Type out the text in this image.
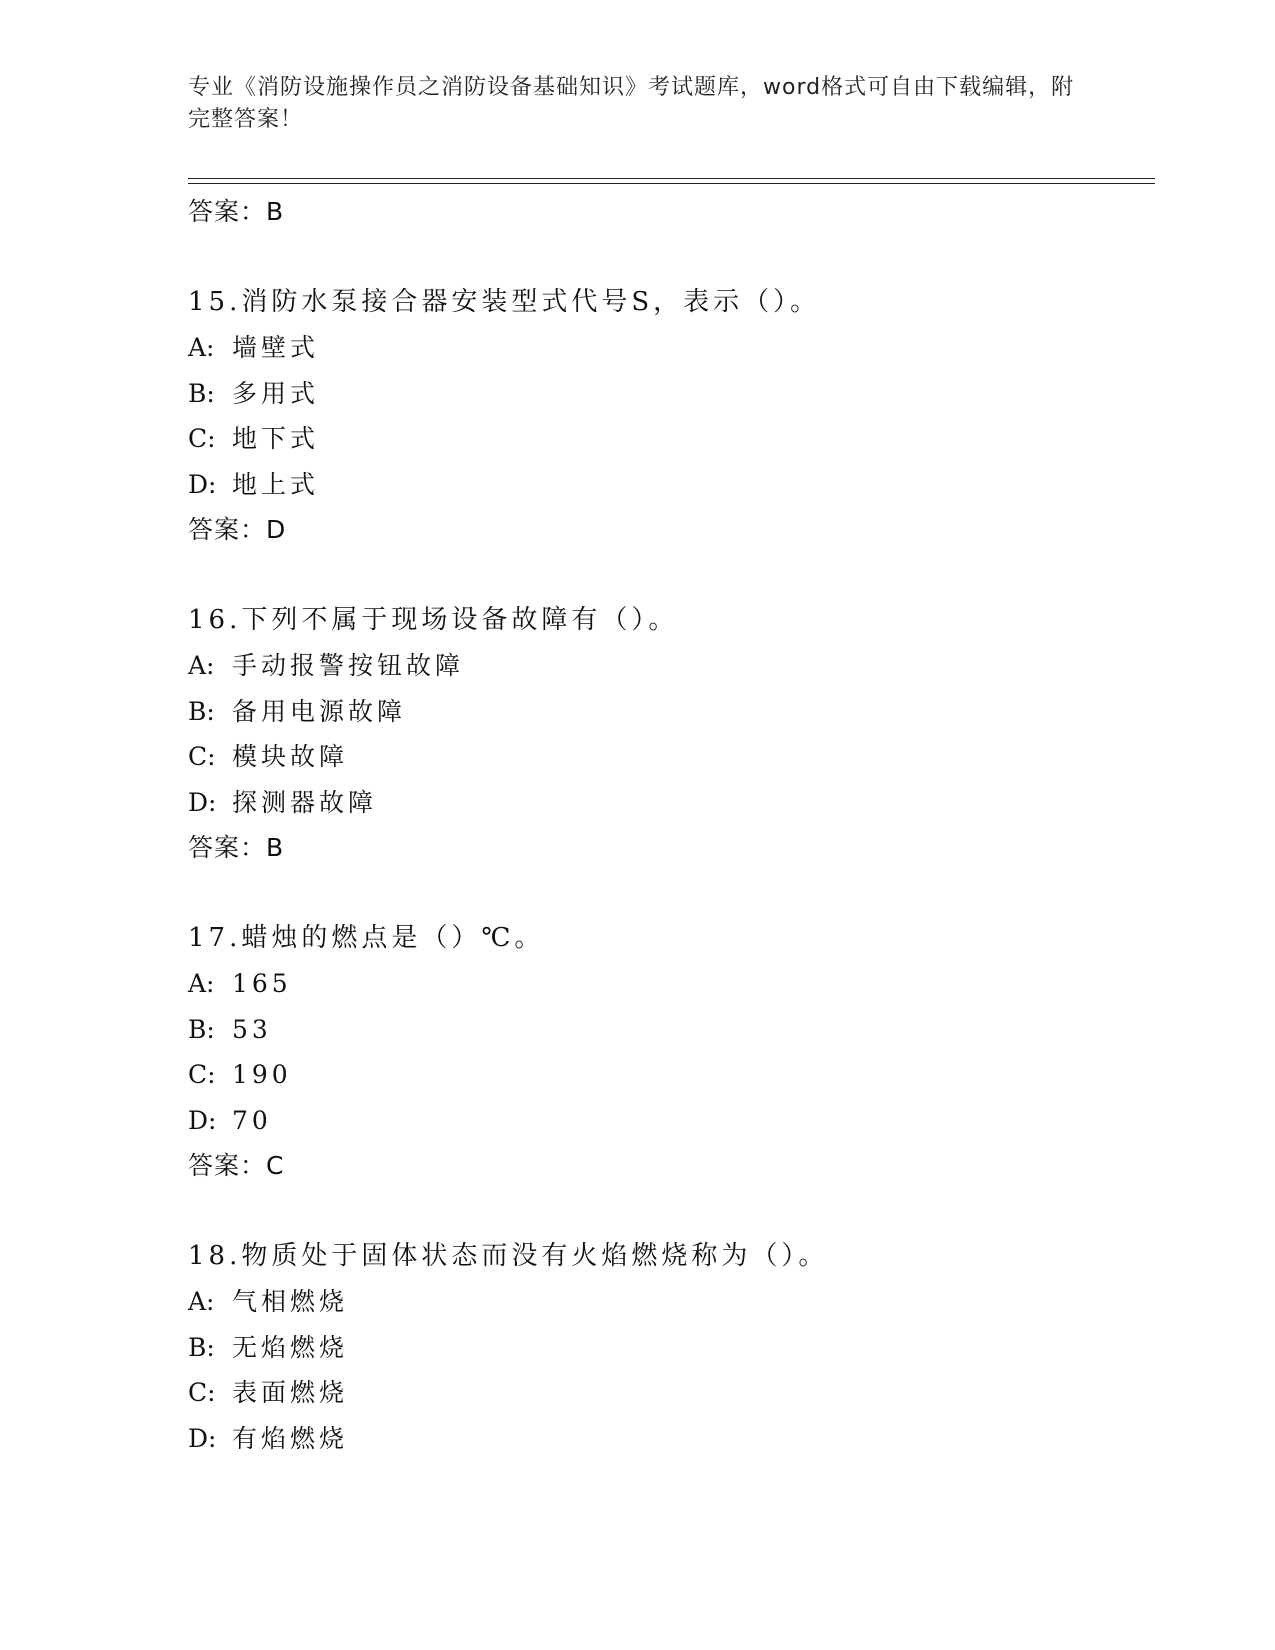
专业《消防设施操作员之消防设备基础知识》考试题库，word格式可自由下载编辑，附完整答案！
答案：B
15.消防水泵接合器安装型式代号S，表示（）。
A: 墙壁式
B: 多用式
C: 地下式
D: 地上式
答案：D
16.下列不属于现场设备故障有（）。
A: 手动报警按钮故障
B: 备用电源故障
C: 模块故障
D: 探测器故障
答案：B
17.蜡烛的燃点是（）℃。
A: 165
B: 53
C: 190
D: 70
答案：C
18.物质处于固体状态而没有火焰燃烧称为（）。
A: 气相燃烧
B: 无焰燃烧
C: 表面燃烧
D: 有焰燃烧
